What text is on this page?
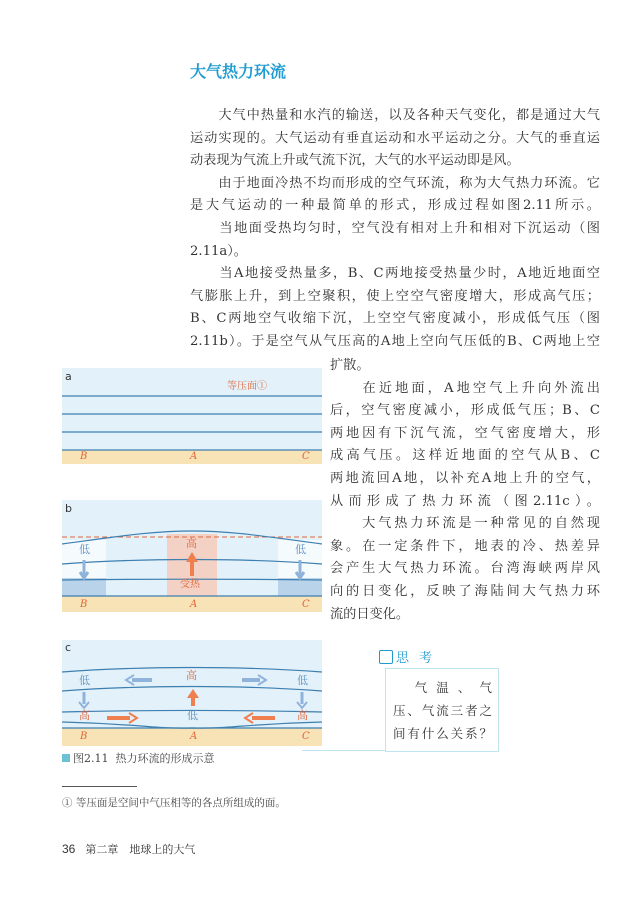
大气热力环流
　　大气中热量和水汽的输送，以及各种天气变化，都是通过大气
运动实现的。大气运动有垂直运动和水平运动之分。大气的垂直运
动表现为气流上升或气流下沉，大气的水平运动即是风。
　　由于地面冷热不均而形成的空气环流，称为大气热力环流。它
是大气运动的一种最简单的形式，形成过程如图2.11所示。
　　当地面受热均匀时，空气没有相对上升和相对下沉运动（图
2.11a）。
　　当A地接受热量多，B、C两地接受热量少时，A地近地面空
气膨胀上升，到上空聚积，使上空空气密度增大，形成高气压；
B、C两地空气收缩下沉，上空空气密度减小，形成低气压（图
2.11b）。于是空气从气压高的A地上空向气压低的B、C两地上空
扩散。
　　在近地面，A地空气上升向外流出
后，空气密度减小，形成低气压；B、C
两地因有下沉气流，空气密度增大，形
成高气压。这样近地面的空气从B、C
两地流回A地，以补充A地上升的空气，
从而形成了热力环流（图2.11c）。
　　大气热力环流是一种常见的自然现
象。在一定条件下，地表的冷、热差异
会产生大气热力环流。台湾海峡两岸风
向的日变化，反映了海陆间大气热力环
流的日变化。
a
等压面①
B	A	C
b
高
低	低
受热
B	A	C
c
高
低	低
低
高	高
B	A	C
图2.11 热力环流的形成示意
思 考
　气温、气
压、气流三者之
间有什么关系？
① 等压面是空间中气压相等的各点所组成的面。
36 第二章　地球上的大气
